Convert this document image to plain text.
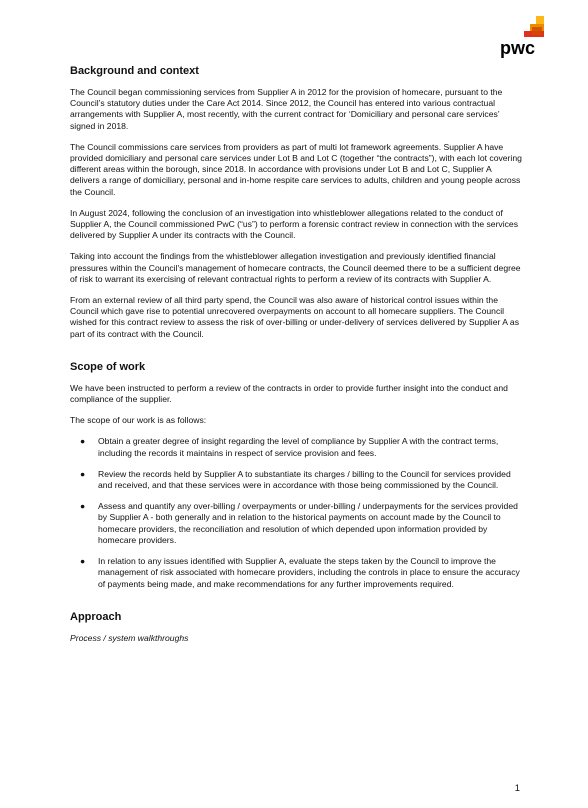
pwc
Background and context

The Council began commissioning services from Supplier A in 2012 for the provision of homecare, pursuant to the Council’s statutory duties under the Care Act 2014. Since 2012, the Council has entered into various contractual arrangements with Supplier A, most recently, with the current contract for ‘Domiciliary and personal care services’ signed in 2018.

The Council commissions care services from providers as part of multi lot framework agreements. Supplier A have provided domiciliary and personal care services under Lot B and Lot C (together “the contracts”), with each lot covering different areas within the borough, since 2018. In accordance with provisions under Lot B and Lot C, Supplier A delivers a range of domiciliary, personal and in-home respite care services to adults, children and young people across the Council.

In August 2024, following the conclusion of an investigation into whistleblower allegations related to the conduct of Supplier A, the Council commissioned PwC (“us”) to perform a forensic contract review in connection with the services delivered by Supplier A under its contracts with the Council.

Taking into account the findings from the whistleblower allegation investigation and previously identified financial pressures within the Council's management of homecare contracts, the Council deemed there to be a sufficient degree of risk to warrant its exercising of relevant contractual rights to perform a review of its contracts with Supplier A.

From an external review of all third party spend, the Council was also aware of historical control issues within the Council which gave rise to potential unrecovered overpayments on account to all homecare suppliers. The Council wished for this contract review to assess the risk of over-billing or under-delivery of services delivered by Supplier A as part of its contract with the Council.

Scope of work

We have been instructed to perform a review of the contracts in order to provide further insight into the conduct and compliance of the supplier.

The scope of our work is as follows:

● Obtain a greater degree of insight regarding the level of compliance by Supplier A with the contract terms, including the records it maintains in respect of service provision and fees.
● Review the records held by Supplier A to substantiate its charges / billing to the Council for services provided and received, and that these services were in accordance with those being commissioned by the Council.
● Assess and quantify any over-billing / overpayments or under-billing / underpayments for the services provided by Supplier A - both generally and in relation to the historical payments on account made by the Council to homecare providers, the reconciliation and resolution of which depended upon information provided by homecare providers.
● In relation to any issues identified with Supplier A, evaluate the steps taken by the Council to improve the management of risk associated with homecare providers, including the controls in place to ensure the accuracy of payments being made, and make recommendations for any further improvements required.
Approach

Process / system walkthroughs

1
